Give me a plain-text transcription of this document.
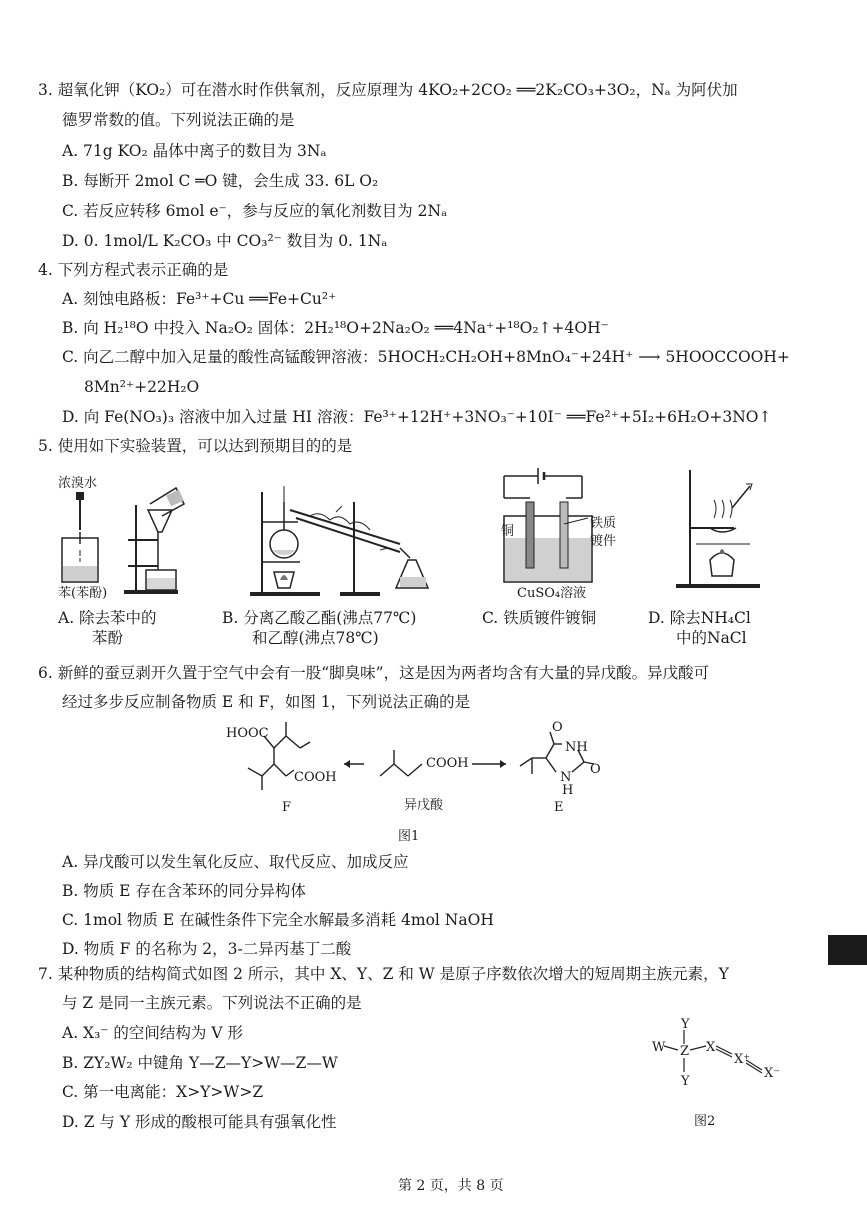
3. 超氧化钾（KO₂）可在潜水时作供氧剂，反应原理为 4KO₂+2CO₂ ══2K₂CO₃+3O₂，Nₐ 为阿伏加
德罗常数的值。下列说法正确的是
A. 71g KO₂ 晶体中离子的数目为 3Nₐ
B. 每断开 2mol C ═O 键，会生成 33. 6L O₂
C. 若反应转移 6mol e⁻，参与反应的氧化剂数目为 2Nₐ
D. 0. 1mol/L K₂CO₃ 中 CO₃²⁻ 数目为 0. 1Nₐ
4. 下列方程式表示正确的是
A. 刻蚀电路板：Fe³⁺+Cu ══Fe+Cu²⁺
B. 向 H₂¹⁸O 中投入 Na₂O₂ 固体：2H₂¹⁸O+2Na₂O₂ ══4Na⁺+¹⁸O₂↑+4OH⁻
C. 向乙二醇中加入足量的酸性高锰酸钾溶液：5HOCH₂CH₂OH+8MnO₄⁻+24H⁺ ⟶ 5HOOCCOOH+
8Mn²⁺+22H₂O
D. 向 Fe(NO₃)₃ 溶液中加入过量 HI 溶液：Fe³⁺+12H⁺+3NO₃⁻+10I⁻ ══Fe²⁺+5I₂+6H₂O+3NO↑
5. 使用如下实验装置，可以达到预期目的的是
浓溴水
苯(苯酚)
铜
铁质
镀件
CuSO₄溶液
A. 除去苯中的
苯酚
B. 分离乙酸乙酯(沸点77℃)
和乙醇(沸点78℃)
C. 铁质镀件镀铜	D. 除去NH₄Cl
中的NaCl
6. 新鲜的蚕豆剥开久置于空气中会有一股“脚臭味”，这是因为两者均含有大量的异戊酸。异戊酸可
经过多步反应制备物质 E 和 F，如图 1，下列说法正确的是
HOOC
COOH
COOH
O
NH
N
H
O
F	异戊酸	E
图1
A. 异戊酸可以发生氧化反应、取代反应、加成反应
B. 物质 E 存在含苯环的同分异构体
C. 1mol 物质 E 在碱性条件下完全水解最多消耗 4mol NaOH
D. 物质 F 的名称为 2，3-二异丙基丁二酸
7. 某种物质的结构简式如图 2 所示，其中 X、Y、Z 和 W 是原子序数依次增大的短周期主族元素，Y
与 Z 是同一主族元素。下列说法不正确的是
A. X₃⁻ 的空间结构为 V 形
B. ZY₂W₂ 中键角 Y—Z—Y>W—Z—W
C. 第一电离能：X>Y>W>Z
D. Z 与 Y 形成的酸根可能具有强氧化性
Y
W Z X
X⁺
X⁻
Y
图2
第 2 页，共 8 页
